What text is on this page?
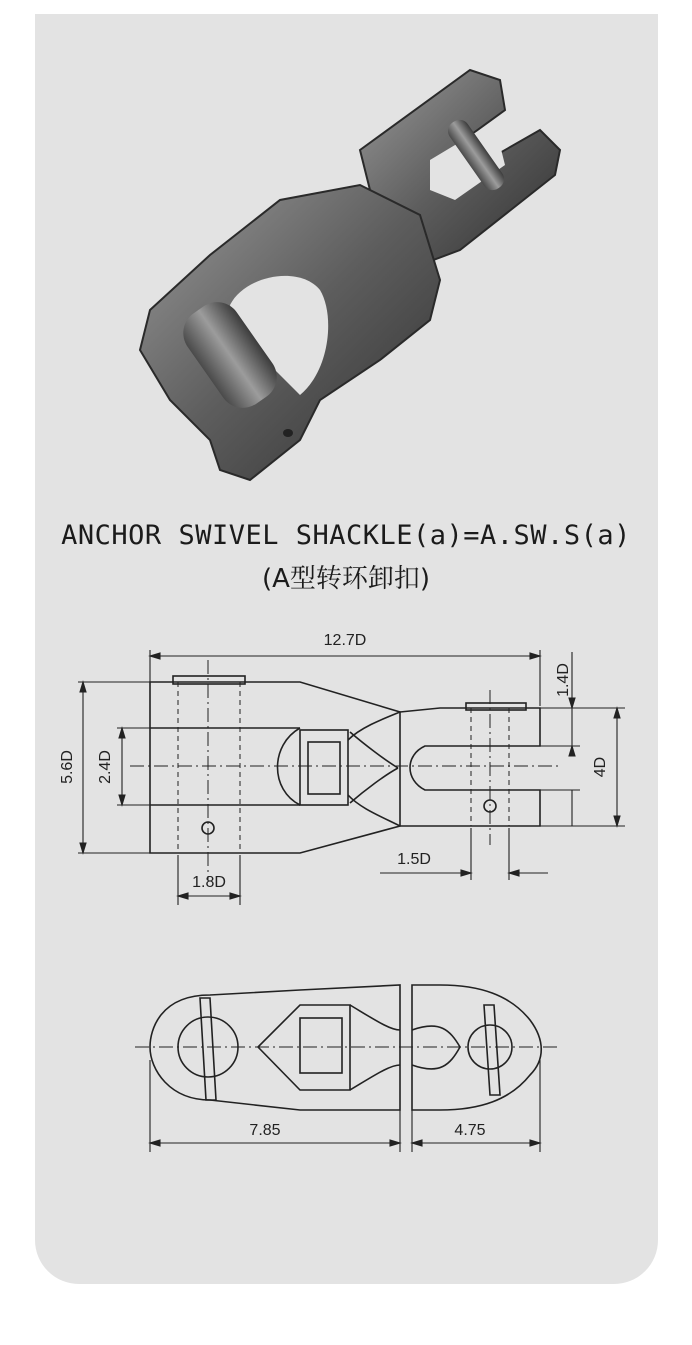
ANCHOR SWIVEL SHACKLE(a)=A.SW.S(a)
(A型转环卸扣)
12.7D
1.4D
5.6D 2.4D	4D
1.8D
1.5D
7.85	4.75
